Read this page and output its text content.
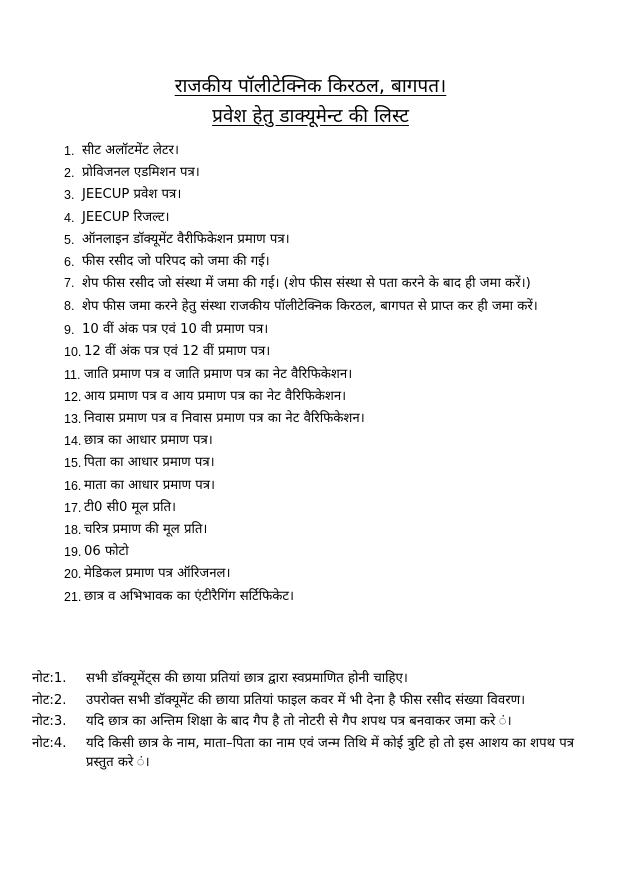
राजकीय पॉलीटेक्निक किरठल, बागपत।
प्रवेश हेतु डाक्यूमेन्ट की लिस्ट
1. सीट अलॉटमेंट लेटर।
2. प्रोविजनल एडमिशन पत्र।
3. JEECUP प्रवेश पत्र।
4. JEECUP रिजल्ट।
5. ऑनलाइन डॉक्यूमेंट वैरीफिकेशन प्रमाण पत्र।
6. फीस रसीद जो परिपद को जमा की गई।
7. शेप फीस रसीद जो संस्था में जमा की गई। (शेप फीस संस्था से पता करने के बाद ही जमा करें।)
8. शेप फीस जमा करने हेतु संस्था राजकीय पॉलीटेक्निक किरठल, बागपत से प्राप्त कर ही जमा करें।
9. 10 वीं अंक पत्र एवं 10 वी प्रमाण पत्र।
10. 12 वीं अंक पत्र एवं 12 वीं प्रमाण पत्र।
11. जाति प्रमाण पत्र व जाति प्रमाण पत्र का नेट वैरिफिकेशन।
12. आय प्रमाण पत्र व आय प्रमाण पत्र का नेट वैरिफिकेशन।
13. निवास प्रमाण पत्र व निवास प्रमाण पत्र का नेट वैरिफिकेशन।
14. छात्र का आधार प्रमाण पत्र।
15. पिता का आधार प्रमाण पत्र।
16. माता का आधार प्रमाण पत्र।
17. टी0 सी0 मूल प्रति।
18. चरित्र प्रमाण की मूल प्रति।
19. 06 फोटो
20. मेडिकल प्रमाण पत्र ऑरिजनल।
21. छात्र व अभिभावक का एंटीरैगिंग सर्टिफिकेट।
नोट:1. सभी डॉक्यूमेंट्स की छाया प्रतियां छात्र द्वारा स्वप्रमाणित होनी चाहिए।
नोट:2. उपरोक्त सभी डॉक्यूमेंट की छाया प्रतियां फाइल कवर में भी देना है फीस रसीद संख्या विवरण।
नोट:3. यदि छात्र का अन्तिम शिक्षा के बाद गैप है तो नोटरी से गैप शपथ पत्र बनवाकर जमा करे ं।
नोट:4. यदि किसी छात्र के नाम, माता–पिता का नाम एवं जन्म तिथि में कोई त्रुटि हो तो इस आशय का शपथ पत्र प्रस्तुत करे ं।
